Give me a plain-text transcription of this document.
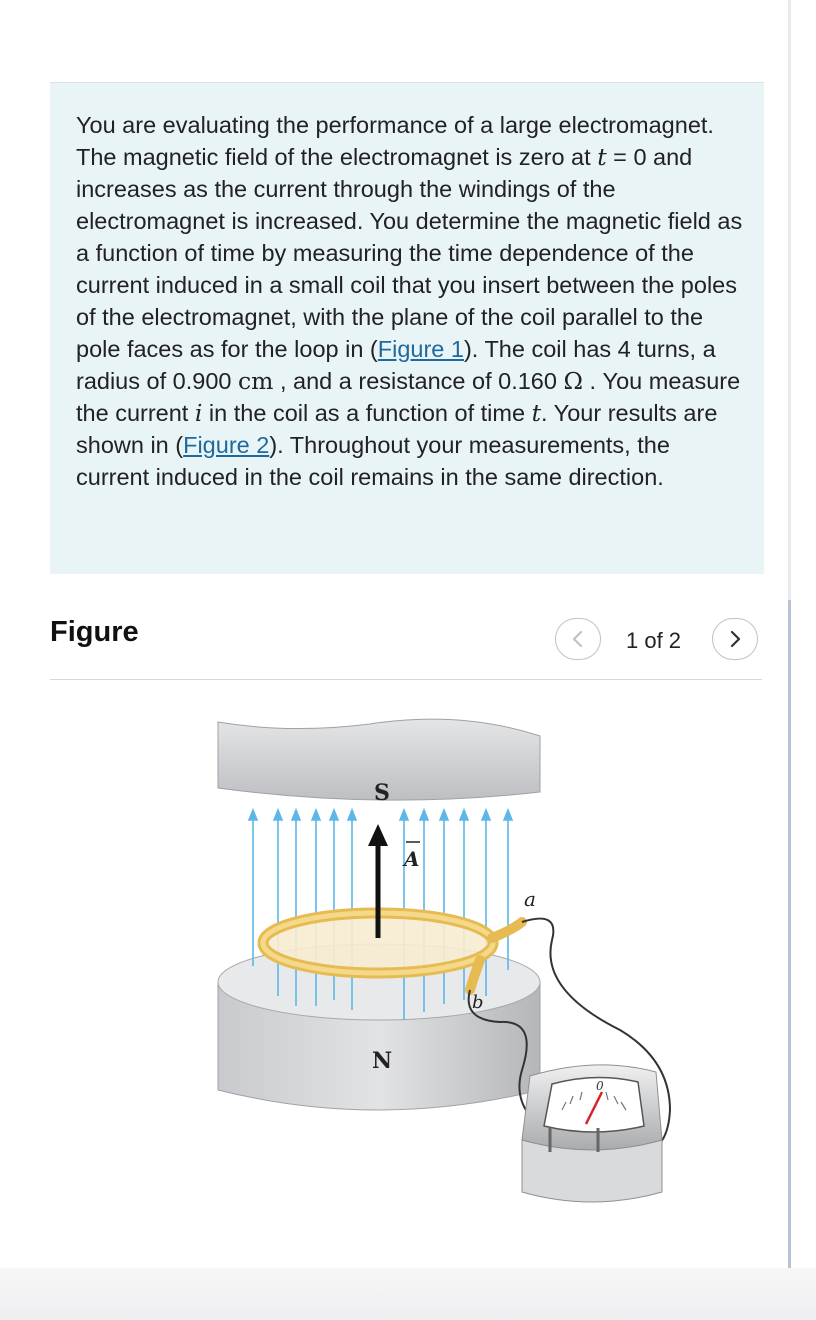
You are evaluating the performance of a large electromagnet. The magnetic field of the electromagnet is zero at t = 0 and increases as the current through the windings of the electromagnet is increased. You determine the magnetic field as a function of time by measuring the time dependence of the current induced in a small coil that you insert between the poles of the electromagnet, with the plane of the coil parallel to the pole faces as for the loop in (Figure 1). The coil has 4 turns, a radius of 0.900 cm , and a resistance of 0.160 Ω . You measure the current i in the coil as a function of time t. Your results are shown in (Figure 2). Throughout your measurements, the current induced in the coil remains in the same direction.

Figure	1 of 2
S
N
A
a
b
0
